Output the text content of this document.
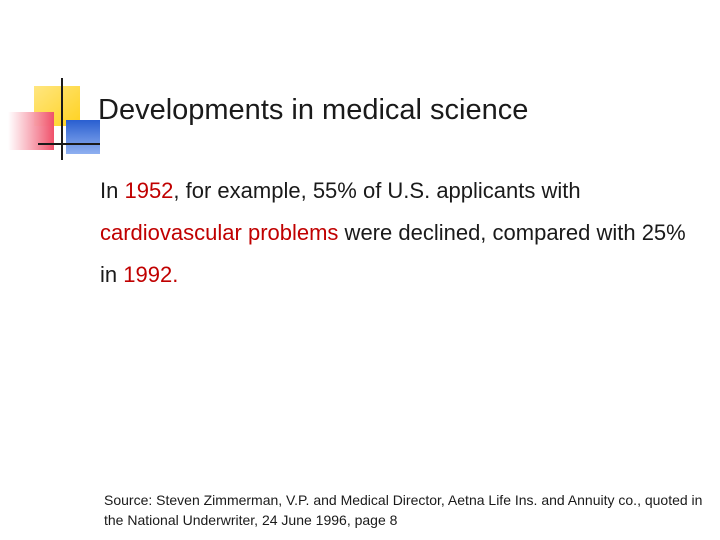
Developments in medical science
In 1952, for example, 55% of U.S. applicants with cardiovascular problems were declined, compared with 25% in 1992.
Source: Steven Zimmerman, V.P. and Medical Director, Aetna Life Ins. and Annuity co., quoted in the National Underwriter, 24 June 1996, page 8
